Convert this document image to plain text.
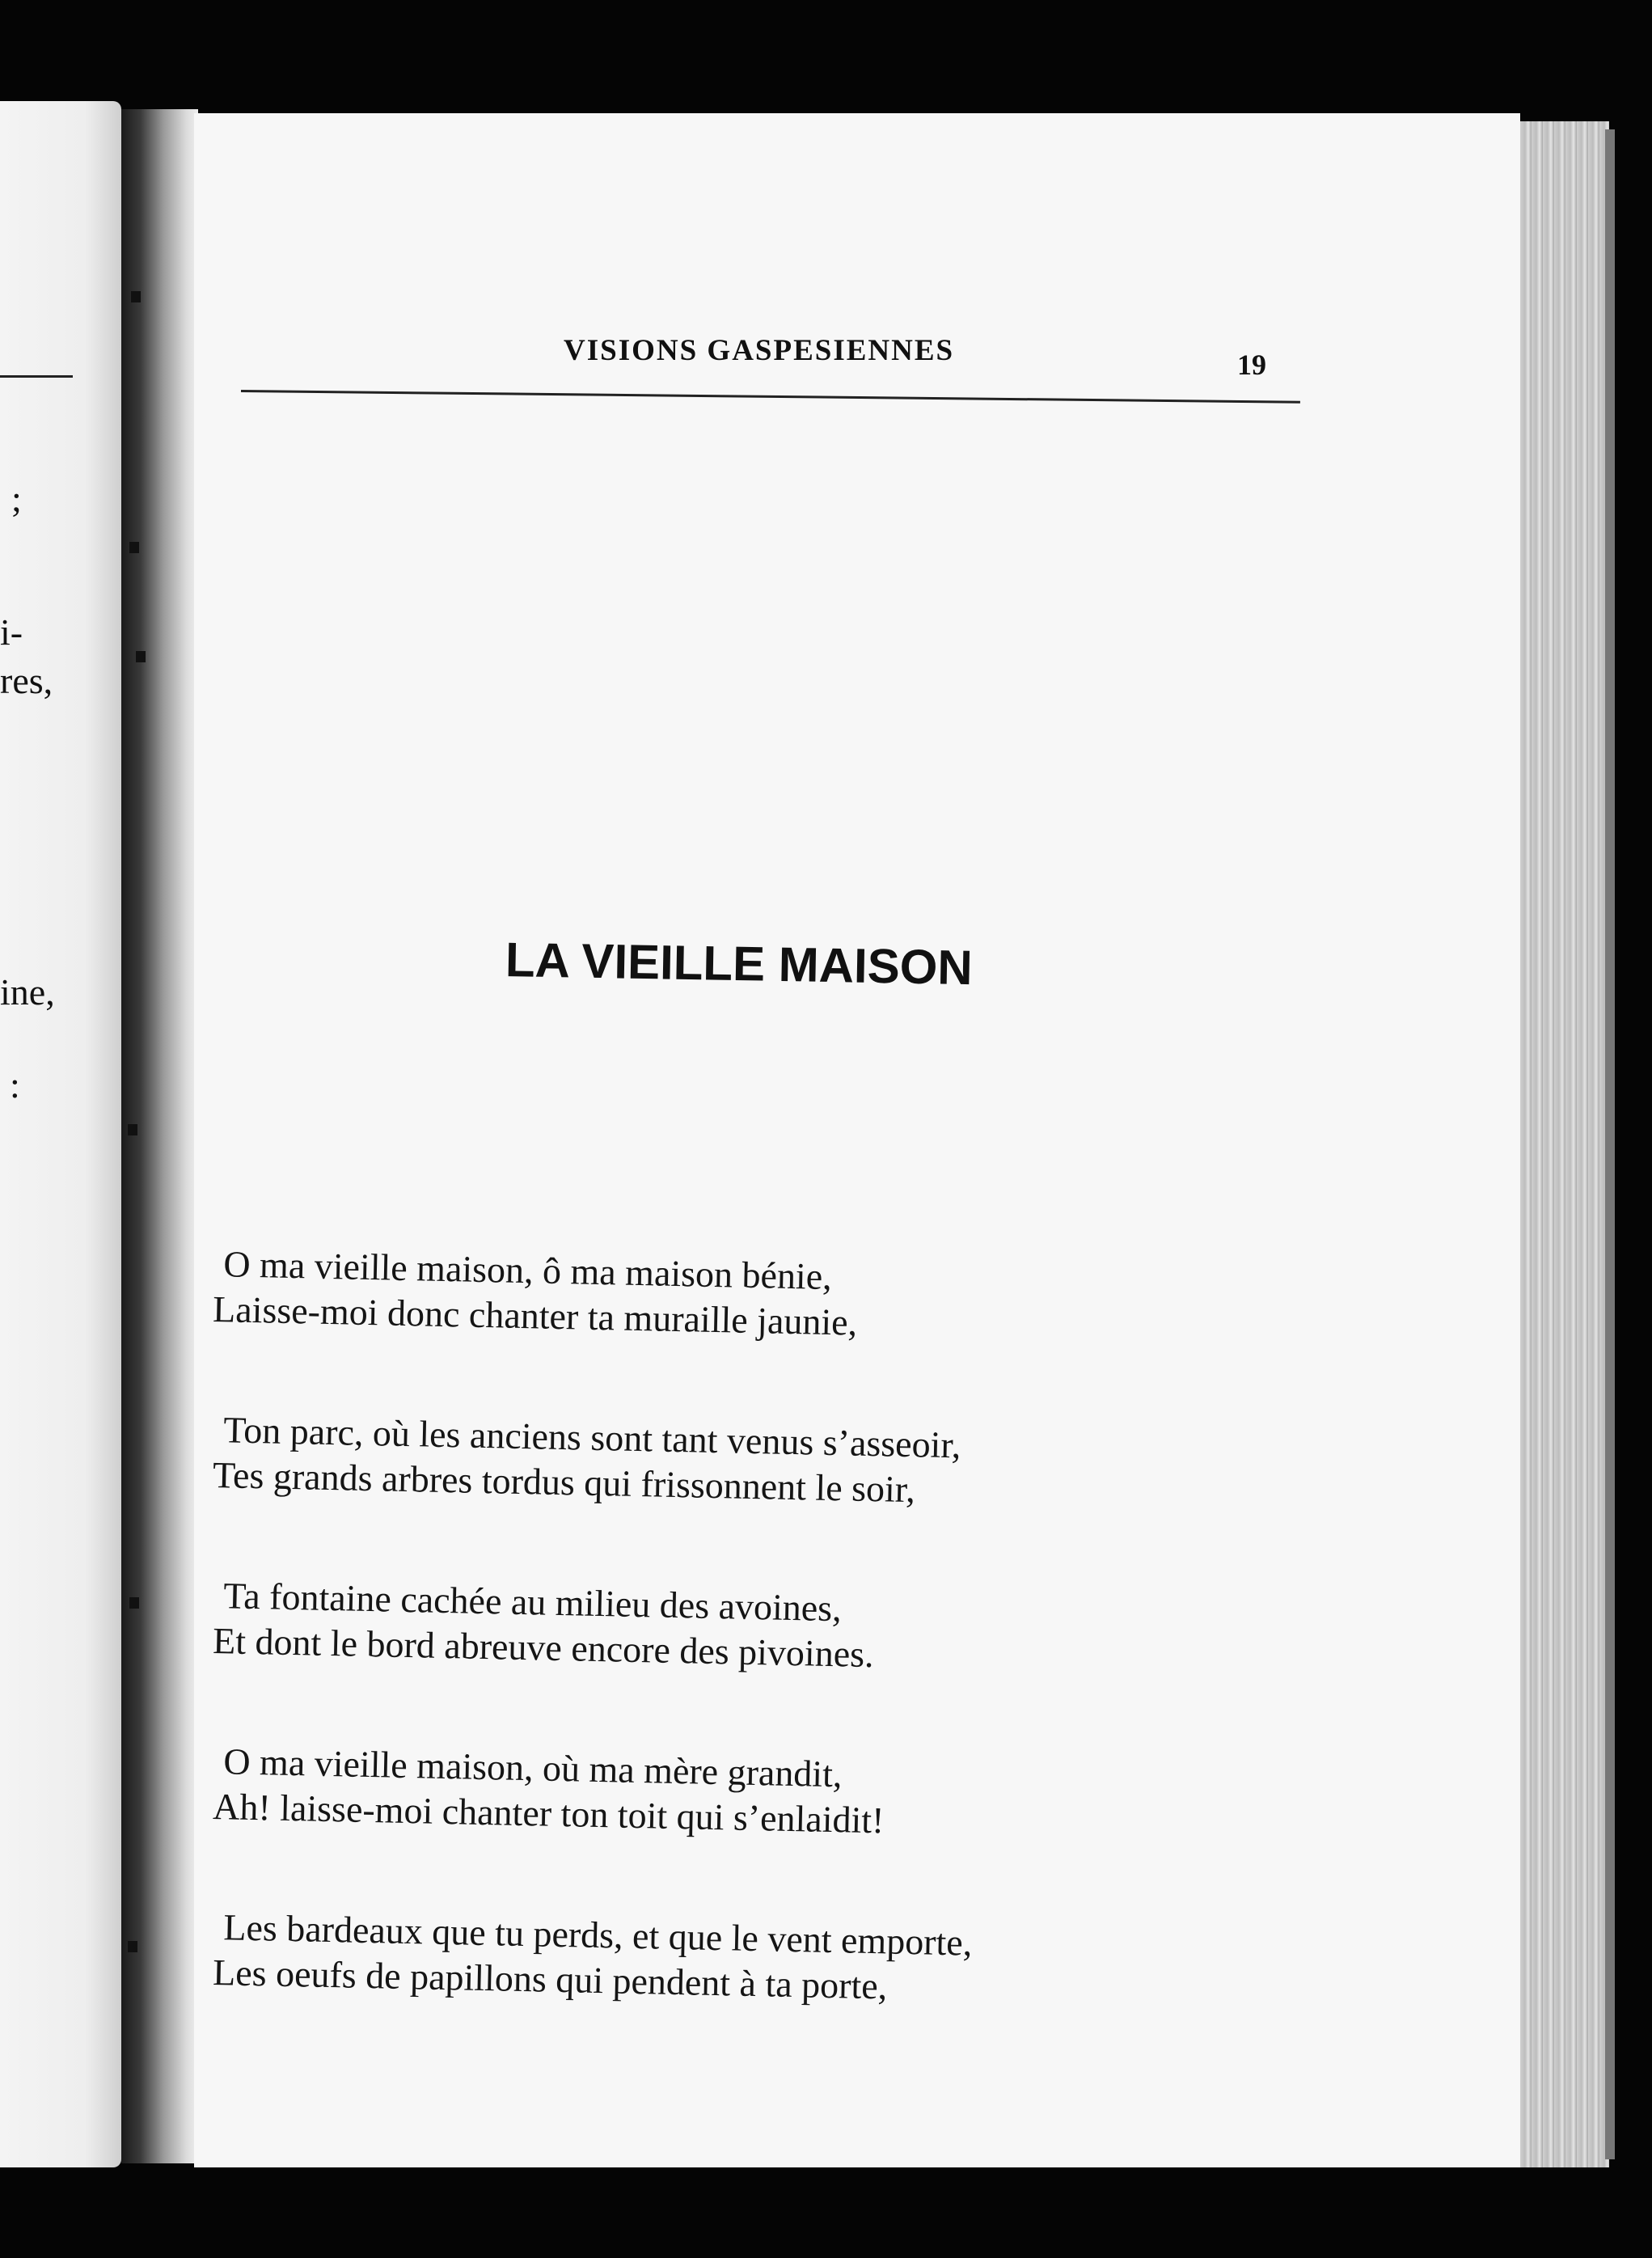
;
i-
res,
ine,
:
VISIONS GASPESIENNES	19
LA VIEILLE MAISON
O ma vieille maison, ô ma maison bénie,
Laisse-moi donc chanter ta muraille jaunie,
Ton parc, où les anciens sont tant venus s’asseoir,
Tes grands arbres tordus qui frissonnent le soir,
Ta fontaine cachée au milieu des avoines,
Et dont le bord abreuve encore des pivoines.
O ma vieille maison, où ma mère grandit,
Ah! laisse-moi chanter ton toit qui s’enlaidit!
Les bardeaux que tu perds, et que le vent emporte,
Les oeufs de papillons qui pendent à ta porte,
